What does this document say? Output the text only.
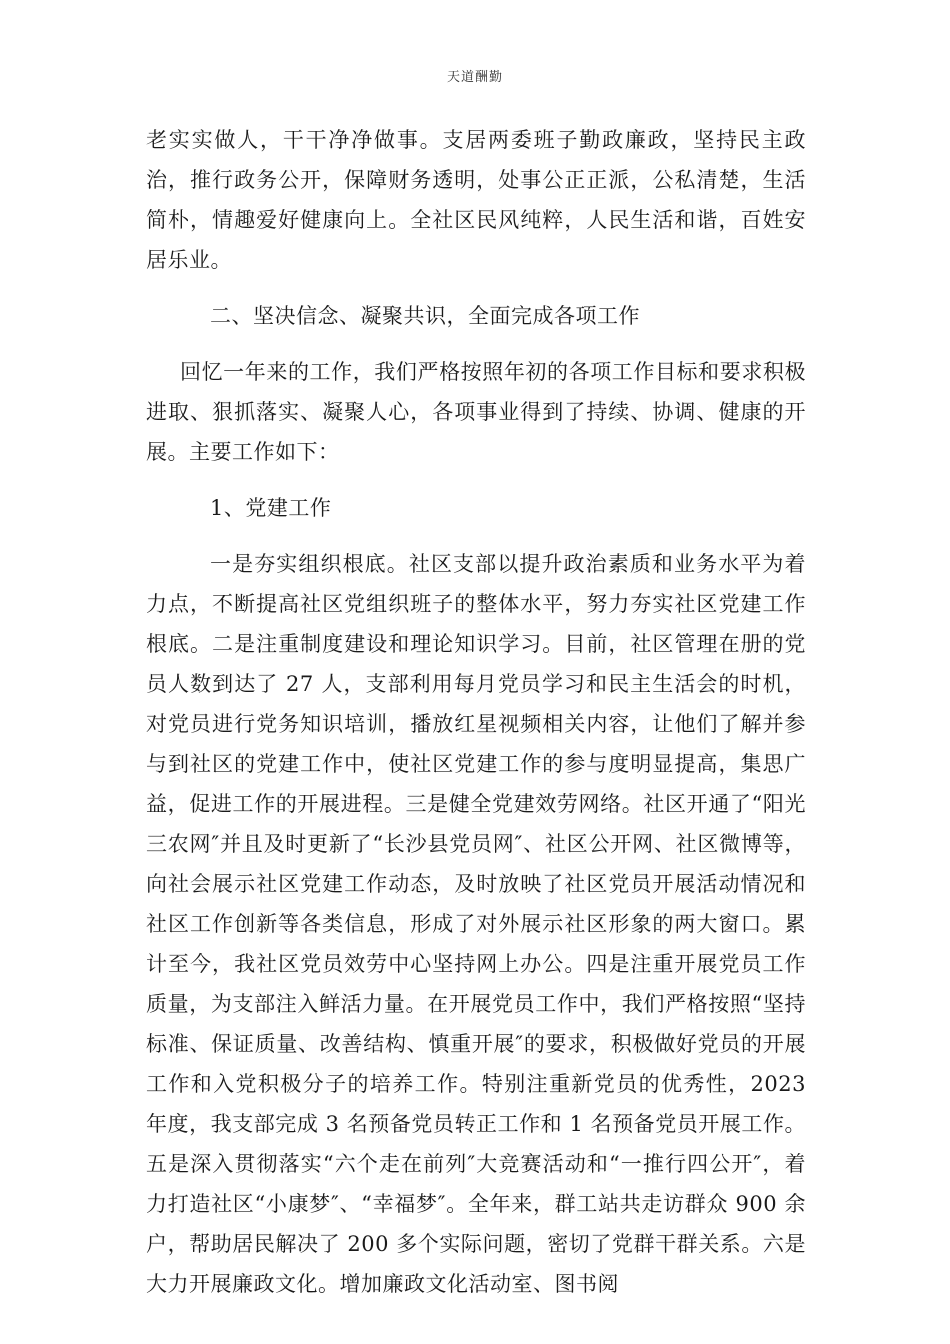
天道酬勤

老实实做人，干干净净做事。支居两委班子勤政廉政，坚持民主政治，推行政务公开，保障财务透明，处事公正正派，公私清楚，生活简朴，情趣爱好健康向上。全社区民风纯粹，人民生活和谐，百姓安居乐业。

二、坚决信念、凝聚共识，全面完成各项工作

回忆一年来的工作，我们严格按照年初的各项工作目标和要求积极进取、狠抓落实、凝聚人心，各项事业得到了持续、协调、健康的开展。主要工作如下：

1、党建工作

一是夯实组织根底。社区支部以提升政治素质和业务水平为着力点，不断提高社区党组织班子的整体水平，努力夯实社区党建工作根底。二是注重制度建设和理论知识学习。目前，社区管理在册的党员人数到达了 27 人，支部利用每月党员学习和民主生活会的时机，对党员进行党务知识培训，播放红星视频相关内容，让他们了解并参与到社区的党建工作中，使社区党建工作的参与度明显提高，集思广益，促进工作的开展进程。三是健全党建效劳网络。社区开通了“阳光三农网″并且及时更新了“长沙县党员网″、社区公开网、社区微博等，向社会展示社区党建工作动态，及时放映了社区党员开展活动情况和社区工作创新等各类信息，形成了对外展示社区形象的两大窗口。累计至今，我社区党员效劳中心坚持网上办公。四是注重开展党员工作质量，为支部注入鲜活力量。在开展党员工作中，我们严格按照“坚持标准、保证质量、改善结构、慎重开展″的要求，积极做好党员的开展工作和入党积极分子的培养工作。特别注重新党员的优秀性，2023 年度，我支部完成 3 名预备党员转正工作和 1 名预备党员开展工作。五是深入贯彻落实“六个走在前列″大竞赛活动和“一推行四公开″，着力打造社区“小康梦″、“幸福梦″。全年来，群工站共走访群众 900 余户，帮助居民解决了 200 多个实际问题，密切了党群干群关系。六是大力开展廉政文化。增加廉政文化活动室、图书阅
